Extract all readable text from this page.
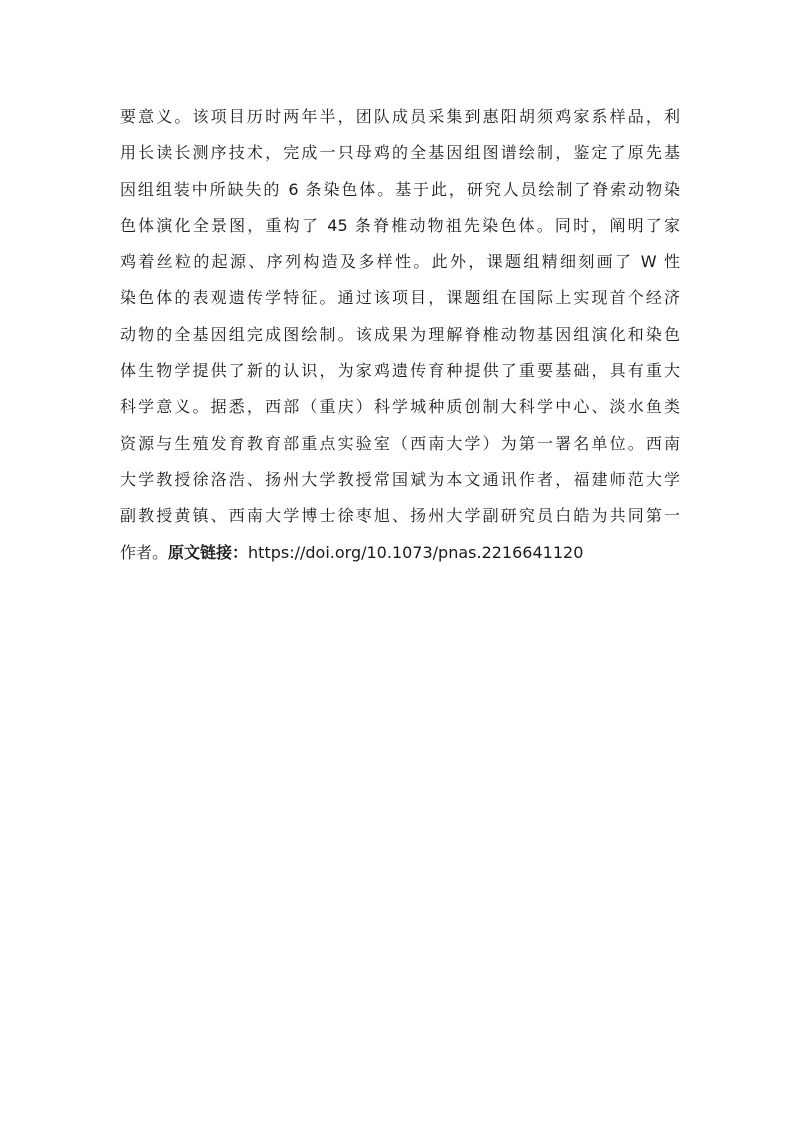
要意义。该项目历时两年半，团队成员采集到惠阳胡须鸡家系样品，利
用长读长测序技术，完成一只母鸡的全基因组图谱绘制，鉴定了原先基
因组组装中所缺失的 6 条染色体。基于此，研究人员绘制了脊索动物染
色体演化全景图，重构了 45 条脊椎动物祖先染色体。同时，阐明了家
鸡着丝粒的起源、序列构造及多样性。此外，课题组精细刻画了 W 性
染色体的表观遗传学特征。通过该项目，课题组在国际上实现首个经济
动物的全基因组完成图绘制。该成果为理解脊椎动物基因组演化和染色
体生物学提供了新的认识，为家鸡遗传育种提供了重要基础，具有重大
科学意义。据悉，西部（重庆）科学城种质创制大科学中心、淡水鱼类
资源与生殖发育教育部重点实验室（西南大学）为第一署名单位。西南
大学教授徐洛浩、扬州大学教授常国斌为本文通讯作者，福建师范大学
副教授黄镇、西南大学博士徐枣旭、扬州大学副研究员白皓为共同第一
作者。原文链接：https://doi.org/10.1073/pnas.2216641120
